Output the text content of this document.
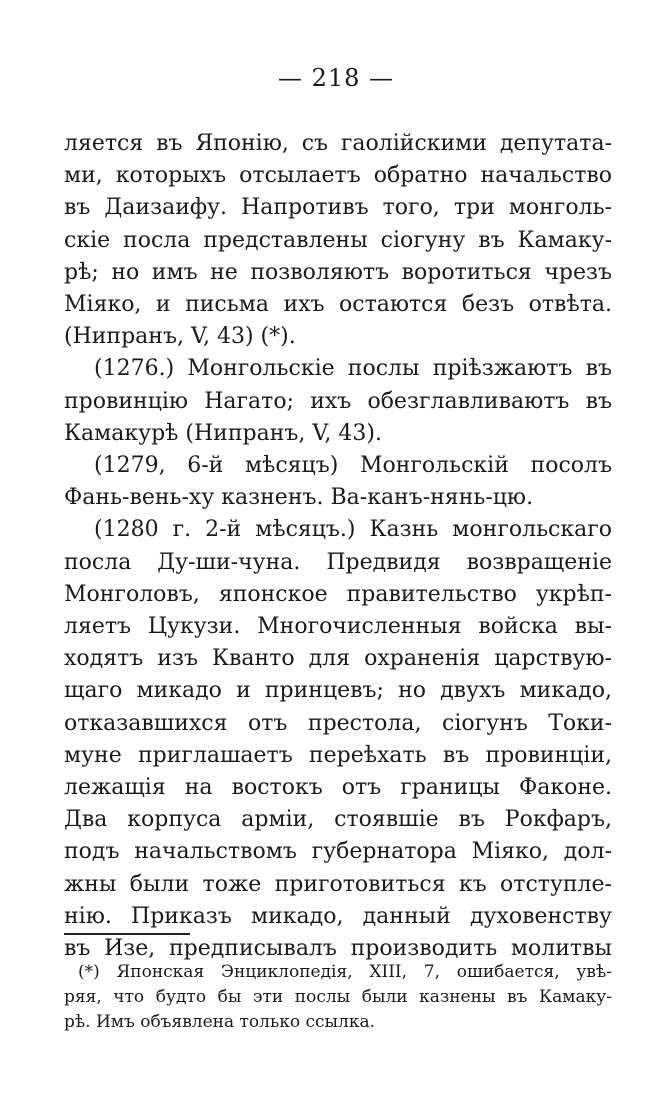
— 218 —
ляется въ Японію, съ гаолійскими депутата-
ми, которыхъ отсылаетъ обратно начальство
въ Даизаифу. Напротивъ того, три монголь-
скіе посла представлены сіогуну въ Камаку-
рѣ; но имъ не позволяютъ воротиться чрезъ
Міяко, и письма ихъ остаются безъ отвѣта.
(Нипранъ, V, 43) (*).
(1276.) Монгольскіе послы пріѣзжаютъ въ
провинцію Нагато; ихъ обезглавливаютъ въ
Камакурѣ (Нипранъ, V, 43).
(1279, 6-й мѣсяцъ) Монгольскій посолъ
Фань-вень-ху казненъ. Ва-канъ-нянь-цю.
(1280 г. 2-й мѣсяцъ.) Казнь монгольскаго
посла Ду-ши-чуна. Предвидя возвращеніе
Монголовъ, японское правительство укрѣп-
ляетъ Цукузи. Многочисленныя войска вы-
ходятъ изъ Кванто для охраненія царствую-
щаго микадо и принцевъ; но двухъ микадо,
отказавшихся отъ престола, сіогунъ Токи-
муне приглашаетъ переѣхать въ провинціи,
лежащія на востокъ отъ границы Факоне.
Два корпуса арміи, стоявшіе въ Рокфаръ,
подъ начальствомъ губернатора Міяко, дол-
жны были тоже приготовиться къ отступле-
нію. Приказъ микадо, данный духовенству
въ Изе, предписывалъ производить молитвы
(*) Японская Энциклопедія, XIII, 7, ошибается, увѣ-
ряя, что будто бы эти послы были казнены въ Камаку-
рѣ. Имъ объявлена только ссылка.
